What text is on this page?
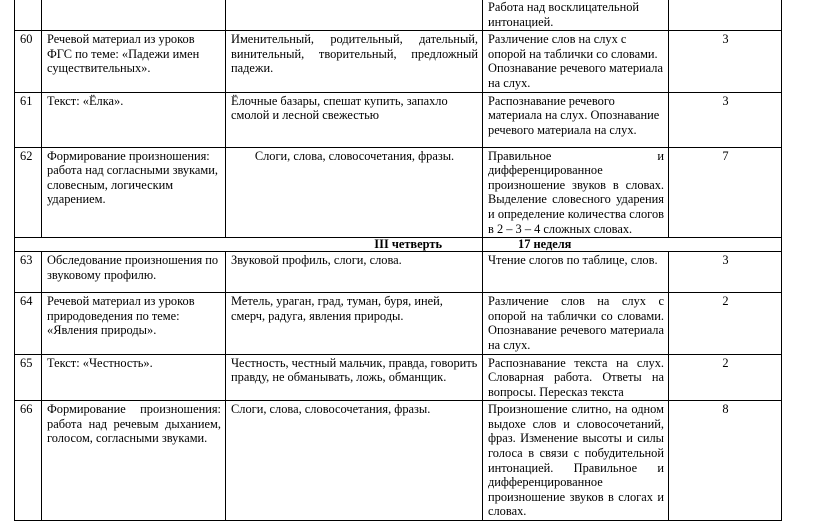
			Работа над восклицательной интонацией.	
60	Речевой материал из уроков ФГС по теме: «Падежи имен существительных».	Именительный, родительный, дательный, винительный, творительный, предложный падежи.	Различение слов на слух с опорой на таблички со словами. Опознавание речевого материала на слух.	3
61	Текст: «Ёлка».	Ёлочные базары, спешат купить, запахло смолой и лесной свежестью	Распознавание речевого материала на слух. Опознавание речевого материала на слух.	3
62	Формирование произношения: работа над согласными звуками, словесным, логическим ударением.	Слоги, слова, словосочетания, фразы.	Правильное и дифференцированное произношение звуков в словах. Выделение словесного ударения и определение количества слогов в 2 – 3 – 4 сложных словах.	7
III четверть			17 неделя	
63	Обследование произношения по звуковому профилю.	Звуковой профиль, слоги, слова.	Чтение слогов по таблице, слов.	3
64	Речевой материал из уроков природоведения по теме: «Явления природы».	Метель, ураган, град, туман, буря, иней, смерч, радуга, явления природы.	Различение слов на слух с опорой на таблички со словами. Опознавание речевого материала на слух.	2
65	Текст: «Честность».	Честность, честный мальчик, правда, говорить правду, не обманывать, ложь, обманщик.	Распознавание текста на слух. Словарная работа. Ответы на вопросы. Пересказ текста	2
66	Формирование произношения: работа над речевым дыханием, голосом, согласными звуками.	Слоги, слова, словосочетания, фразы.	Произношение слитно, на одном выдохе слов и словосочетаний, фраз. Изменение высоты и силы голоса в связи с побудительной интонацией. Правильное и дифференцированное произношение звуков в слогах и словах.	8
